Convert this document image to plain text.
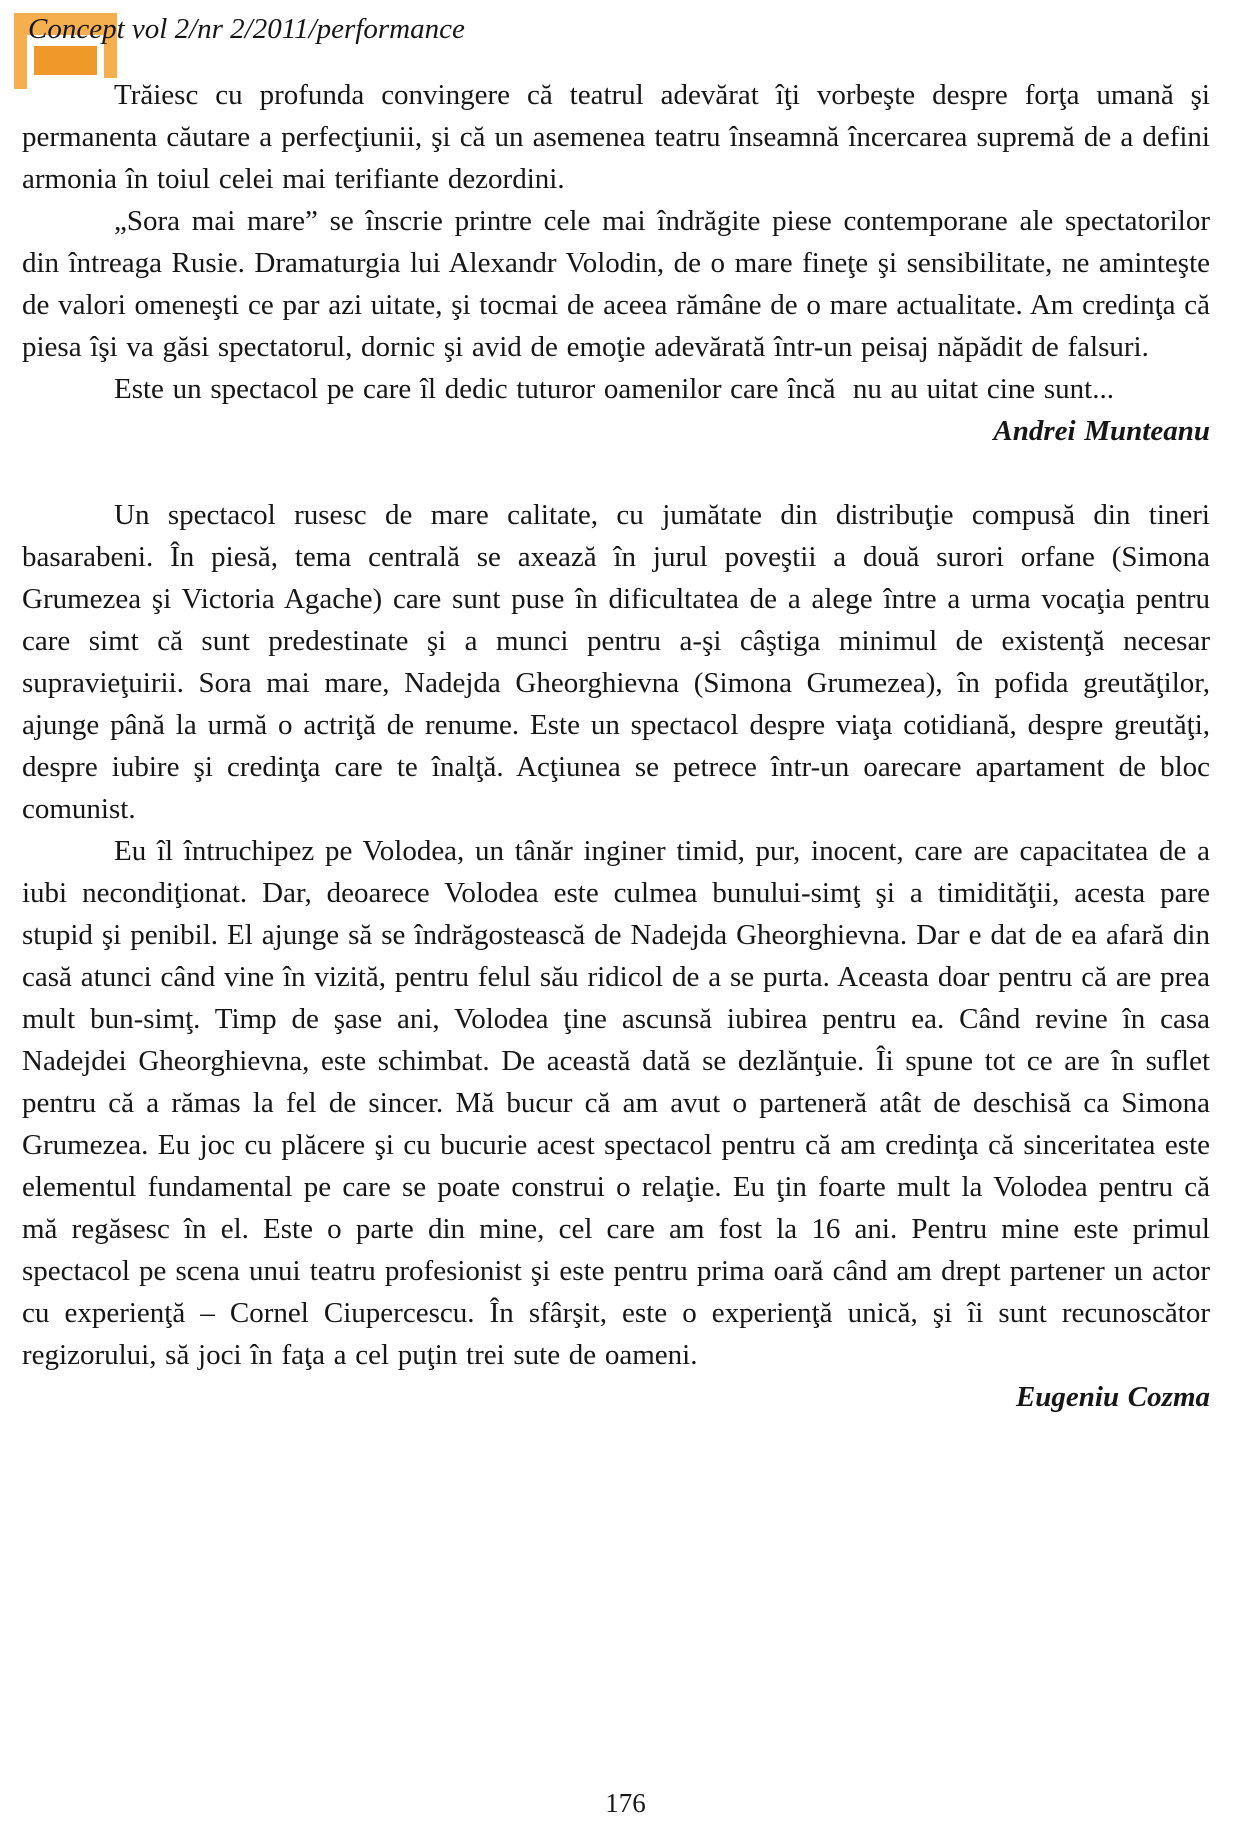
Concept vol 2/nr 2/2011/performance

Trăiesc cu profunda convingere că teatrul adevărat îţi vorbeşte despre forţa umană şi permanenta căutare a perfecţiunii, şi că un asemenea teatru înseamnă încercarea supremă de a defini armonia în toiul celei mai terifiante dezordini.

„Sora mai mare” se înscrie printre cele mai îndrăgite piese contemporane ale spectatorilor din întreaga Rusie. Dramaturgia lui Alexandr Volodin, de o mare fineţe şi sensibilitate, ne aminteşte de valori omeneşti ce par azi uitate, şi tocmai de aceea rămâne de o mare actualitate. Am credinţa că piesa îşi va găsi spectatorul, dornic şi avid de emoţie adevărată într-un peisaj năpădit de falsuri.

Este un spectacol pe care îl dedic tuturor oamenilor care încă  nu au uitat cine sunt...

Andrei Munteanu

Un spectacol rusesc de mare calitate, cu jumătate din distribuţie compusă din tineri basarabeni. În piesă, tema centrală se axează în jurul poveştii a două surori orfane (Simona Grumezea şi Victoria Agache) care sunt puse în dificultatea de a alege între a urma vocaţia pentru care simt că sunt predestinate şi a munci pentru a-şi câştiga minimul de existenţă necesar supravieţuirii. Sora mai mare, Nadejda Gheorghievna (Simona Grumezea), în pofida greutăţilor, ajunge până la urmă o actriţă de renume. Este un spectacol despre viaţa cotidiană, despre greutăţi, despre iubire şi credinţa care te înalţă. Acţiunea se petrece într-un oarecare apartament de bloc comunist.

Eu îl întruchipez pe Volodea, un tânăr inginer timid, pur, inocent, care are capacitatea de a iubi necondiţionat. Dar, deoarece Volodea este culmea bunului-simţ şi a timidităţii, acesta pare stupid şi penibil. El ajunge să se îndrăgostească de Nadejda Gheorghievna. Dar e dat de ea afară din casă atunci când vine în vizită, pentru felul său ridicol de a se purta. Aceasta doar pentru că are prea mult bun-simţ. Timp de şase ani, Volodea ţine ascunsă iubirea pentru ea. Când revine în casa Nadejdei Gheorghievna, este schimbat. De această dată se dezlănţuie. Îi spune tot ce are în suflet pentru că a rămas la fel de sincer. Mă bucur că am avut o parteneră atât de deschisă ca Simona Grumezea. Eu joc cu plăcere şi cu bucurie acest spectacol pentru că am credinţa că sinceritatea este elementul fundamental pe care se poate construi o relaţie. Eu ţin foarte mult la Volodea pentru că mă regăsesc în el. Este o parte din mine, cel care am fost la 16 ani. Pentru mine este primul spectacol pe scena unui teatru profesionist şi este pentru prima oară când am drept partener un actor cu experienţă – Cornel Ciupercescu. În sfârşit, este o experienţă unică, şi îi sunt recunoscător regizorului, să joci în faţa a cel puţin trei sute de oameni.

Eugeniu Cozma

176
